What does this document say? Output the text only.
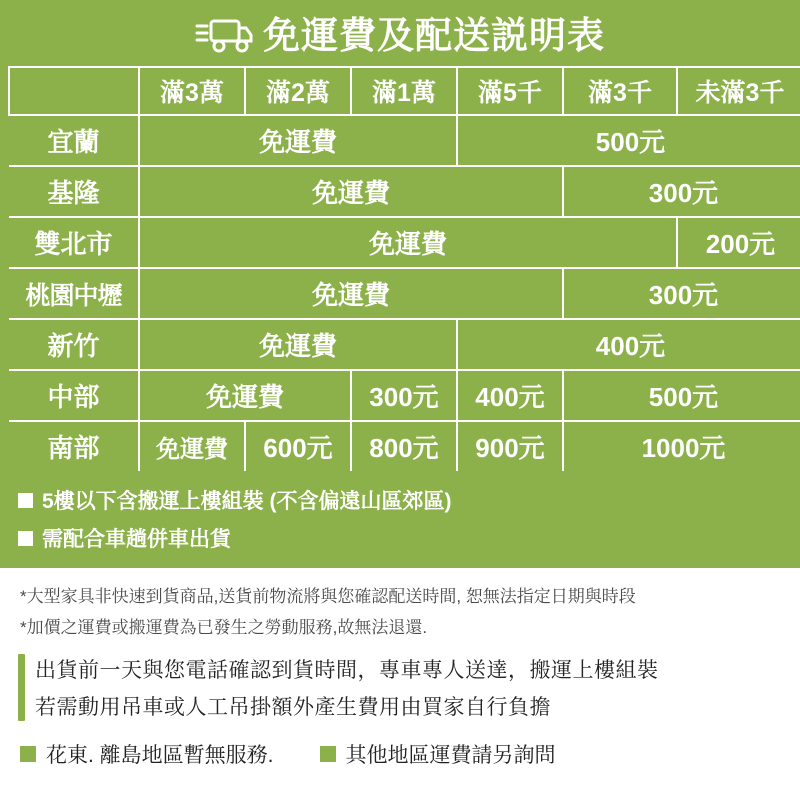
免運費及配送説明表
	滿3萬	滿2萬	滿1萬	滿5千	滿3千	未滿3千
宜蘭	免運費			500元		
基隆	免運費				300元	
雙北市	免運費					200元
桃園中壢	免運費				300元	
新竹	免運費			400元		
中部	免運費		300元	400元	500元	
南部	免運費	600元	800元	900元	1000元	
5樓以下含搬運上樓組裝 (不含偏遠山區郊區)
需配合車趟併車出貨
*大型家具非快速到貨商品,送貨前物流將與您確認配送時間, 恕無法指定日期與時段
*加價之運費或搬運費為已發生之勞動服務,故無法退還.
出貨前一天與您電話確認到貨時間，專車專人送達，搬運上樓組裝
若需動用吊車或人工吊掛額外產生費用由買家自行負擔
花東. 離島地區暫無服務.	其他地區運費請另詢問
